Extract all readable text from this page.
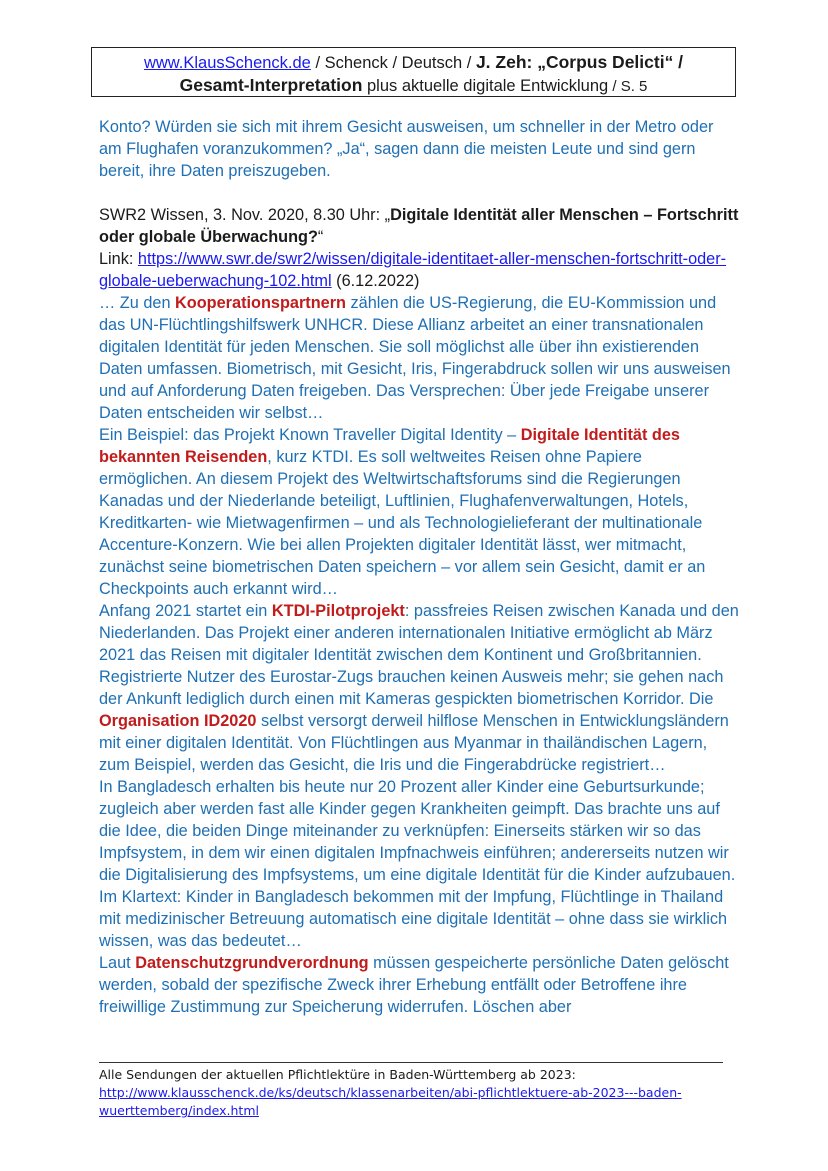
www.KlausSchenck.de / Schenck / Deutsch / J. Zeh: „Corpus Delicti“ /
Gesamt-Interpretation plus aktuelle digitale Entwicklung / S. 5

Konto? Würden sie sich mit ihrem Gesicht ausweisen, um schneller in der Metro oder am Flughafen voranzukommen? „Ja“, sagen dann die meisten Leute und sind gern bereit, ihre Daten preiszugeben.

SWR2 Wissen, 3. Nov. 2020, 8.30 Uhr: „Digitale Identität aller Menschen – Fortschritt oder globale Überwachung?“
Link: https://www.swr.de/swr2/wissen/digitale-identitaet-aller-menschen-fortschritt-oder-globale-ueberwachung-102.html (6.12.2022)

… Zu den Kooperationspartnern zählen die US-Regierung, die EU-Kommission und das UN-Flüchtlingshilfswerk UNHCR. Diese Allianz arbeitet an einer transnationalen digitalen Identität für jeden Menschen. Sie soll möglichst alle über ihn existierenden Daten umfassen. Biometrisch, mit Gesicht, Iris, Fingerabdruck sollen wir uns ausweisen und auf Anforderung Daten freigeben. Das Versprechen: Über jede Freigabe unserer Daten entscheiden wir selbst…

Ein Beispiel: das Projekt Known Traveller Digital Identity – Digitale Identität des bekannten Reisenden, kurz KTDI. Es soll weltweites Reisen ohne Papiere ermöglichen. An diesem Projekt des Weltwirtschaftsforums sind die Regierungen Kanadas und der Niederlande beteiligt, Luftlinien, Flughafenverwaltungen, Hotels, Kreditkarten- wie Mietwagenfirmen – und als Technologielieferant der multinationale Accenture-Konzern. Wie bei allen Projekten digitaler Identität lässt, wer mitmacht, zunächst seine biometrischen Daten speichern – vor allem sein Gesicht, damit er an Checkpoints auch erkannt wird…

Anfang 2021 startet ein KTDI-Pilotprojekt: passfreies Reisen zwischen Kanada und den Niederlanden. Das Projekt einer anderen internationalen Initiative ermöglicht ab März 2021 das Reisen mit digitaler Identität zwischen dem Kontinent und Großbritannien. Registrierte Nutzer des Eurostar-Zugs brauchen keinen Ausweis mehr; sie gehen nach der Ankunft lediglich durch einen mit Kameras gespickten biometrischen Korridor. Die Organisation ID2020 selbst versorgt derweil hilflose Menschen in Entwicklungsländern mit einer digitalen Identität. Von Flüchtlingen aus Myanmar in thailändischen Lagern, zum Beispiel, werden das Gesicht, die Iris und die Fingerabdrücke registriert…

In Bangladesch erhalten bis heute nur 20 Prozent aller Kinder eine Geburtsurkunde; zugleich aber werden fast alle Kinder gegen Krankheiten geimpft. Das brachte uns auf die Idee, die beiden Dinge miteinander zu verknüpfen: Einerseits stärken wir so das Impfsystem, in dem wir einen digitalen Impfnachweis einführen; andererseits nutzen wir die Digitalisierung des Impfsystems, um eine digitale Identität für die Kinder aufzubauen. Im Klartext: Kinder in Bangladesch bekommen mit der Impfung, Flüchtlinge in Thailand mit medizinischer Betreuung automatisch eine digitale Identität – ohne dass sie wirklich wissen, was das bedeutet…

Laut Datenschutzgrundverordnung müssen gespeicherte persönliche Daten gelöscht werden, sobald der spezifische Zweck ihrer Erhebung entfällt oder Betroffene ihre freiwillige Zustimmung zur Speicherung widerrufen. Löschen aber

Alle Sendungen der aktuellen Pflichtlektüre in Baden-Württemberg ab 2023:
http://www.klausschenck.de/ks/deutsch/klassenarbeiten/abi-pflichtlektuere-ab-2023---baden-wuerttemberg/index.html
